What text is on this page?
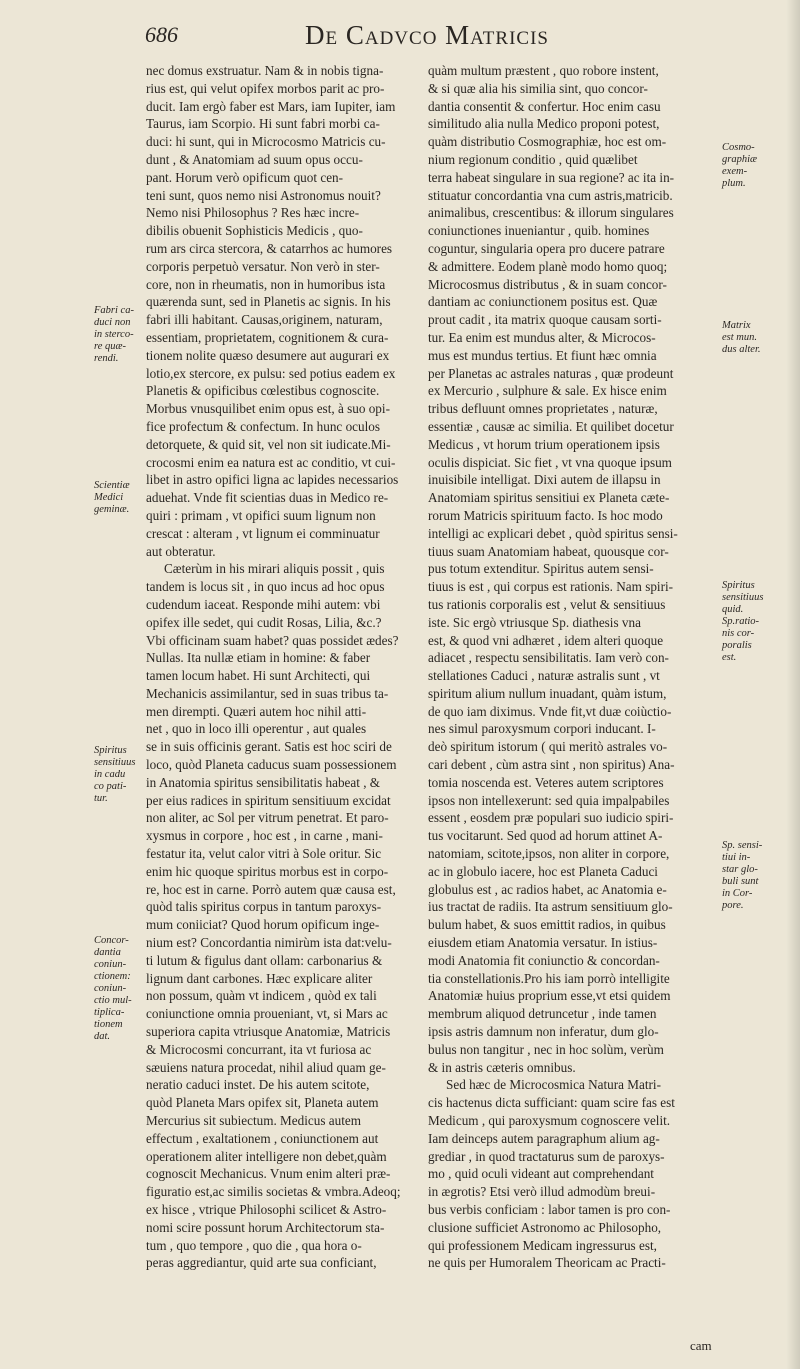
686	De Cadvco Matricis
nec domus exstruatur. Nam & in nobis tigna-
rius est, qui velut opifex morbos parit ac pro-
ducit. Iam ergò faber est Mars, iam Iupiter, iam
Taurus, iam Scorpio. Hi sunt fabri morbi ca-
duci: hi sunt, qui in Microcosmo Matricis cu-
dunt , & Anatomiam ad suum opus occu-
pant. Horum verò opificum quot cen-
teni sunt, quos nemo nisi Astronomus nouit?
Nemo nisi Philosophus ? Res hæc incre-
dibilis obuenit Sophisticis Medicis , quo-
rum ars circa stercora, & catarrhos ac humores
corporis perpetuò versatur. Non verò in ster-
core, non in rheumatis, non in humoribus ista
quærenda sunt, sed in Planetis ac signis. In his
fabri illi habitant. Causas,originem, naturam,
essentiam, proprietatem, cognitionem & cura-
tionem nolite quæso desumere aut augurari ex
lotio,ex stercore, ex pulsu: sed potius eadem ex
Planetis & opificibus cœlestibus cognoscite.
Morbus vnusquilibet enim opus est, à suo opi-
fice profectum & confectum. In hunc oculos
detorquete, & quid sit, vel non sit iudicate.Mi-
crocosmi enim ea natura est ac conditio, vt cui-
libet in astro opifici ligna ac lapides necessarios
aduehat. Vnde fit scientias duas in Medico re-
quiri : primam , vt opifici suum lignum non
crescat : alteram , vt lignum ei comminuatur
aut obteratur.
Cæterùm in his mirari aliquis possit , quis
tandem is locus sit , in quo incus ad hoc opus
cudendum iaceat. Responde mihi autem: vbi
opifex ille sedet, qui cudit Rosas, Lilia, &c.?
Vbi officinam suam habet? quas possidet ædes?
Nullas. Ita nullæ etiam in homine: & faber
tamen locum habet. Hi sunt Architecti, qui
Mechanicis assimilantur, sed in suas tribus ta-
men dirempti. Quæri autem hoc nihil atti-
net , quo in loco illi operentur , aut quales
se in suis officinis gerant. Satis est hoc sciri de
loco, quòd Planeta caducus suam possessionem
in Anatomia spiritus sensibilitatis habeat , &
per eius radices in spiritum sensitiuum excidat
non aliter, ac Sol per vitrum penetrat. Et paro-
xysmus in corpore , hoc est , in carne , mani-
festatur ita, velut calor vitri à Sole oritur. Sic
enim hic quoque spiritus morbus est in corpo-
re, hoc est in carne. Porrò autem quæ causa est,
quòd talis spiritus corpus in tantum paroxys-
mum coniiciat? Quod horum opificum inge-
nium est? Concordantia nimirùm ista dat:velu-
ti lutum & figulus dant ollam: carbonarius &
lignum dant carbones. Hæc explicare aliter
non possum, quàm vt indicem , quòd ex tali
coniunctione omnia proueniant, vt, si Mars ac
superiora capita vtriusque Anatomiæ, Matricis
& Microcosmi concurrant, ita vt furiosa ac
sæuiens natura procedat, nihil aliud quam ge-
neratio caduci instet. De his autem scitote,
quòd Planeta Mars opifex sit, Planeta autem
Mercurius sit subiectum. Medicus autem
effectum , exaltationem , coniunctionem aut
operationem aliter intelligere non debet,quàm
cognoscit Mechanicus. Vnum enim alteri præ-
figuratio est,ac similis societas & vmbra.Adeoq;
ex hisce , vtrique Philosophi scilicet & Astro-
nomi scire possunt horum Architectorum sta-
tum , quo tempore , quo die , qua hora o-
peras aggrediantur, quid arte sua conficiant,
quàm multum præstent , quo robore instent,
& si quæ alia his similia sint, quo concor-
dantia consentit & confertur. Hoc enim casu
similitudo alia nulla Medico proponi potest,
quàm distributio Cosmographiæ, hoc est om-
nium regionum conditio , quid quælibet
terra habeat singulare in sua regione? ac ita in-
stituatur concordantia vna cum astris,matricib.
animalibus, crescentibus: & illorum singulares
coniunctiones inueniantur , quib. homines
coguntur, singularia opera pro ducere patrare
& admittere. Eodem planè modo homo quoq;
Microcosmus distributus , & in suam concor-
dantiam ac coniunctionem positus est. Quæ
prout cadit , ita matrix quoque causam sorti-
tur. Ea enim est mundus alter, & Microcos-
mus est mundus tertius. Et fiunt hæc omnia
per Planetas ac astrales naturas , quæ prodeunt
ex Mercurio , sulphure & sale. Ex hisce enim
tribus defluunt omnes proprietates , naturæ,
essentiæ , causæ ac similia. Et quilibet docetur
Medicus , vt horum trium operationem ipsis
oculis dispiciat. Sic fiet , vt vna quoque ipsum
inuisibile intelligat. Dixi autem de illapsu in
Anatomiam spiritus sensitiui ex Planeta cæte-
rorum Matricis spirituum facto. Is hoc modo
intelligi ac explicari debet , quòd spiritus sensi-
tiuus suam Anatomiam habeat, quousque cor-
pus totum extenditur. Spiritus autem sensi-
tiuus is est , qui corpus est rationis. Nam spiri-
tus rationis corporalis est , velut & sensitiuus
iste. Sic ergò vtriusque Sp. diathesis vna
est, & quod vni adhæret , idem alteri quoque
adiacet , respectu sensibilitatis. Iam verò con-
stellationes Caduci , naturæ astralis sunt , vt
spiritum alium nullum inuadant, quàm istum,
de quo iam diximus. Vnde fit,vt duæ coiùctio-
nes simul paroxysmum corpori inducant. I-
deò spiritum istorum ( qui meritò astrales vo-
cari debent , cùm astra sint , non spiritus) Ana-
tomia noscenda est. Veteres autem scriptores
ipsos non intellexerunt: sed quia impalpabiles
essent , eosdem præ populari suo iudicio spiri-
tus vocitarunt. Sed quod ad horum attinet A-
natomiam, scitote,ipsos, non aliter in corpore,
ac in globulo iacere, hoc est Planeta Caduci
globulus est , ac radios habet, ac Anatomia e-
ius tractat de radiis. Ita astrum sensitiuum glo-
bulum habet, & suos emittit radios, in quibus
eiusdem etiam Anatomia versatur. In istius-
modi Anatomia fit coniunctio & concordan-
tia constellationis.Pro his iam porrò intelligite
Anatomiæ huius proprium esse,vt etsi quidem
membrum aliquod detruncetur , inde tamen
ipsis astris damnum non inferatur, dum glo-
bulus non tangitur , nec in hoc solùm, verùm
& in astris cæteris omnibus.
Sed hæc de Microcosmica Natura Matri-
cis hactenus dicta sufficiant: quam scire fas est
Medicum , qui paroxysmum cognoscere velit.
Iam deinceps autem paragraphum alium ag-
grediar , in quod tractaturus sum de paroxys-
mo , quid oculi videant aut comprehendant
in ægrotis? Etsi verò illud admodùm breui-
bus verbis conficiam : labor tamen is pro con-
clusione sufficiet Astronomo ac Philosopho,
qui professionem Medicam ingressurus est,
ne quis per Humoralem Theoricam ac Practi-
Fabri ca-
duci non
in sterco-
re quæ-
rendi.
Scientiæ
Medici
geminæ.
Spiritus
sensitiuus
in cadu
co pati-
tur.
Concor-
dantia
coniun-
ctionem:
coniun-
ctio mul-
tiplica-
tionem
dat.
Cosmo-
graphiæ
exem-
plum.
Matrix
est mun.
dus alter.
Spiritus
sensitiuus
quid.
Sp.ratio-
nis cor-
poralis
est.
Sp. sensi-
tiui in-
star glo-
buli sunt
in Cor-
pore.
cam
